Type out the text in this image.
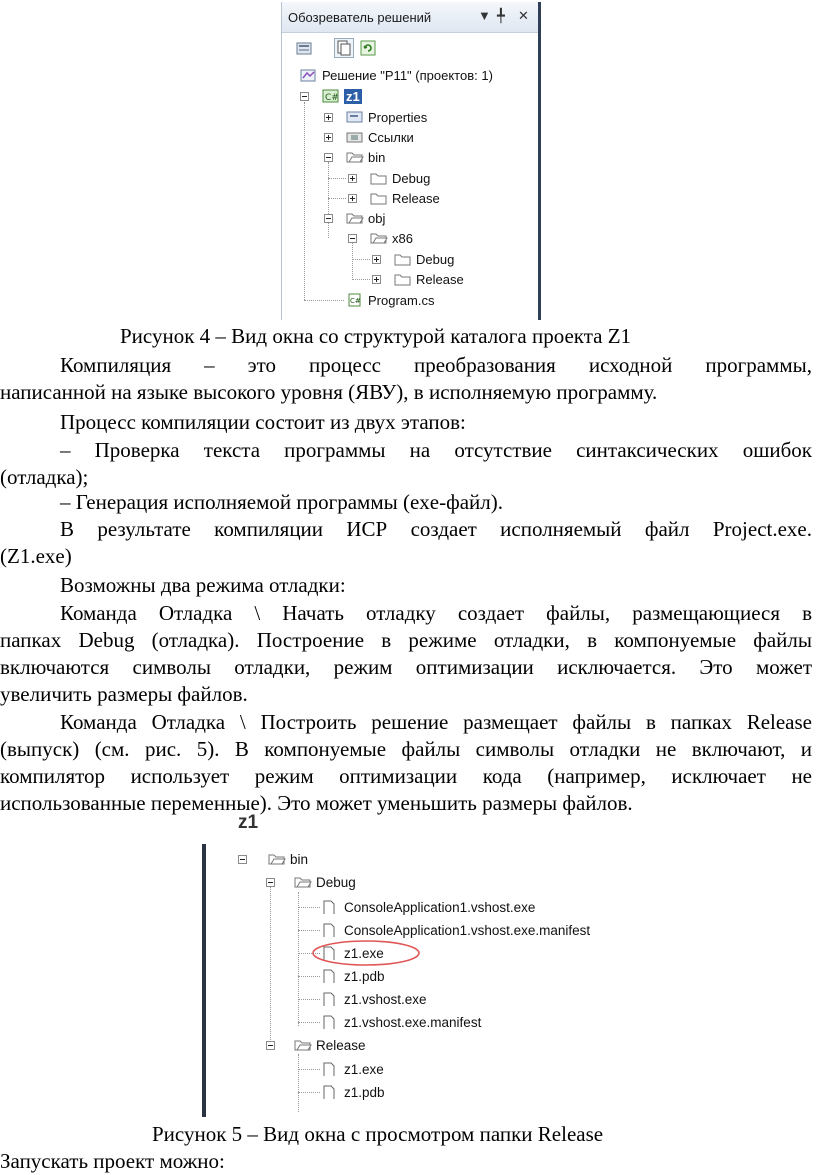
Обозреватель решений	▼ ╇ ✕
Решение "P11" (проектов: 1)
C# z1
Properties
Ссылки
bin
Debug
Release
obj
x86
Debug
Release
C# Program.cs
Рисунок 4 – Вид окна со структурой каталога проекта Z1
Компиляция – это процесс преобразования исходной программы,
написанной на языке высокого уровня (ЯВУ), в исполняемую программу.
Процесс компиляции состоит из двух этапов:
– Проверка текста программы на отсутствие синтаксических ошибок
(отладка);
– Генерация исполняемой программы (exe-файл).
В результате компиляции ИСР создает исполняемый файл Project.exe.
(Z1.exe)
Возможны два режима отладки:
Команда Отладка \ Начать отладку создает файлы, размещающиеся в
папках Debug (отладка). Построение в режиме отладки, в компонуемые файлы
включаются символы отладки, режим оптимизации исключается. Это может
увеличить размеры файлов.
Команда Отладка \ Построить решение размещает файлы в папках Release
(выпуск) (см. рис. 5). В компонуемые файлы символы отладки не включают, и
компилятор использует режим оптимизации кода (например, исключает не
использованные переменные). Это может уменьшить размеры файлов.
z1
bin
Debug
ConsoleApplication1.vshost.exe
ConsoleApplication1.vshost.exe.manifest
z1.exe
z1.pdb
z1.vshost.exe
z1.vshost.exe.manifest
Release
z1.exe
z1.pdb
Рисунок 5 – Вид окна с просмотром папки Release
Запускать проект можно:
